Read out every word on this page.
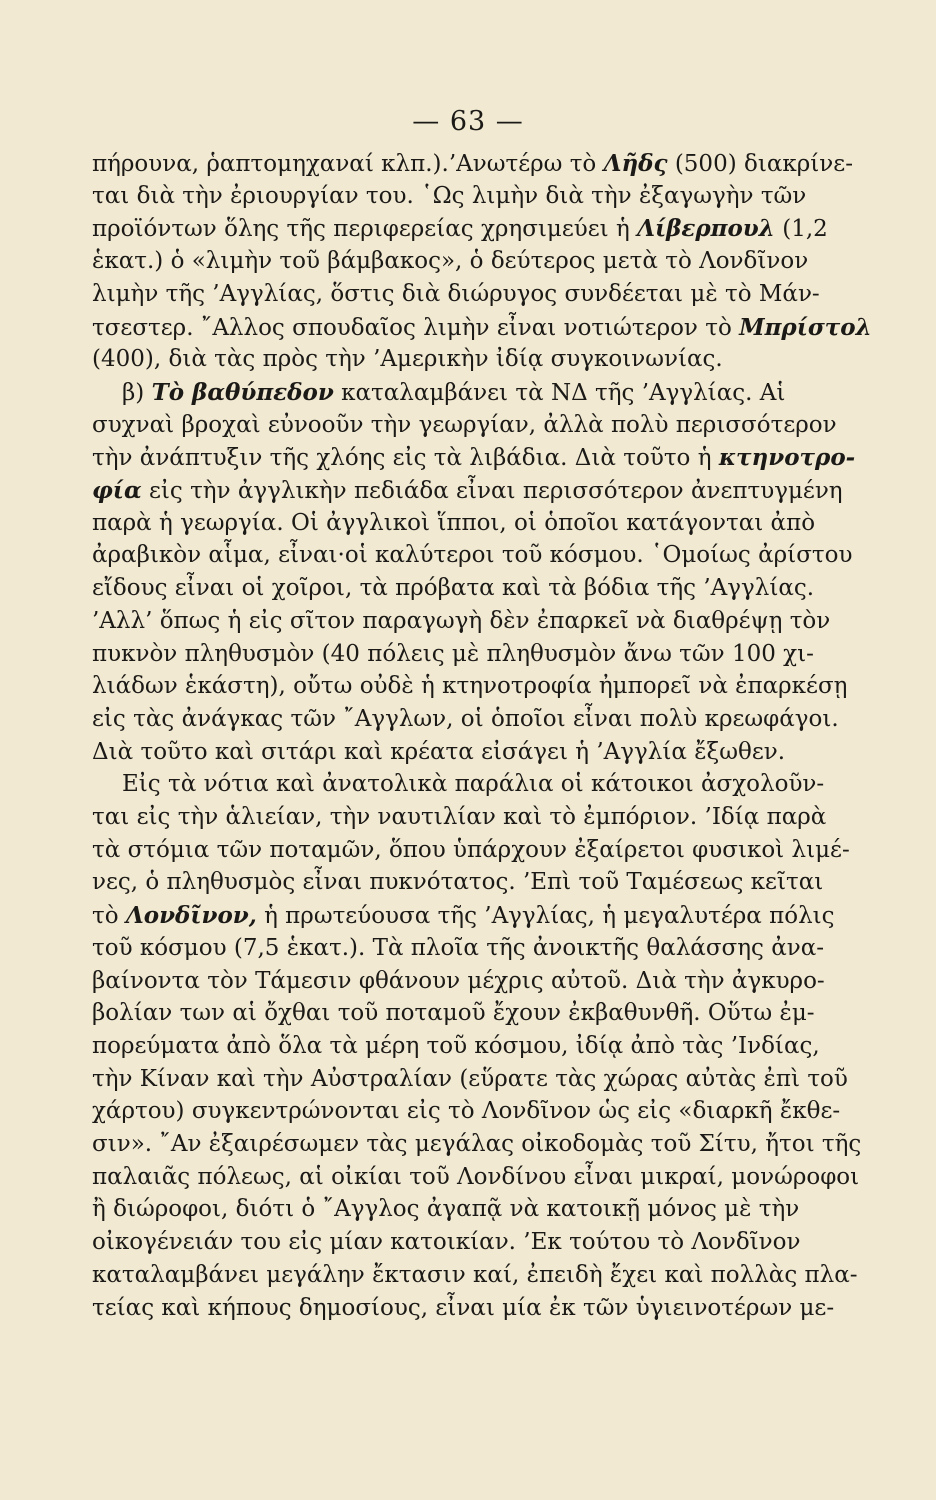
— 63 —
πήρουνα, ῥαπτομηχαναί κλπ.).’Ανωτέρω τὸ Λῆδς (500) διακρίνε-
ται διὰ τὴν ἐριουργίαν του. ῾Ως λιμὴν διὰ τὴν ἐξαγωγὴν τῶν
προϊόντων ὅλης τῆς περιφερείας χρησιμεύει ἡ Λίβερπουλ (1,2
ἑκατ.) ὁ «λιμὴν τοῦ βάμβακος», ὁ δεύτερος μετὰ τὸ Λονδῖνον
λιμὴν τῆς ’Αγγλίας, ὅστις διὰ διώρυγος συνδέεται μὲ τὸ Μάν-
τσεστερ. ῎Αλλος σπουδαῖος λιμὴν εἶναι νοτιώτερον τὸ Μπρίστολ
(400), διὰ τὰς πρὸς τὴν ’Αμερικὴν ἰδίᾳ συγκοινωνίας.
β) Τὸ βαθύπεδον καταλαμβάνει τὰ ΝΔ τῆς ’Αγγλίας. Αἱ
συχναὶ βροχαὶ εὐνοοῦν τὴν γεωργίαν, ἀλλὰ πολὺ περισσότερον
τὴν ἀνάπτυξιν τῆς χλόης εἰς τὰ λιβάδια. Διὰ τοῦτο ἡ κτηνοτρο-
φία εἰς τὴν ἀγγλικὴν πεδιάδα εἶναι περισσότερον ἀνεπτυγμένη
παρὰ ἡ γεωργία. Οἱ ἀγγλικοὶ ἵπποι, οἱ ὁποῖοι κατάγονται ἀπὸ
ἀραβικὸν αἷμα, εἶναι·οἱ καλύτεροι τοῦ κόσμου. ῾Ομοίως ἀρίστου
εἴδους εἶναι οἱ χοῖροι, τὰ πρόβατα καὶ τὰ βόδια τῆς ’Αγγλίας.
’Αλλ’ ὅπως ἡ εἰς σῖτον παραγωγὴ δὲν ἐπαρκεῖ νὰ διαθρέψῃ τὸν
πυκνὸν πληθυσμὸν (40 πόλεις μὲ πληθυσμὸν ἄνω τῶν 100 χι-
λιάδων ἑκάστη), οὔτω οὐδὲ ἡ κτηνοτροφία ἠμπορεῖ νὰ ἐπαρκέσῃ
εἰς τὰς ἀνάγκας τῶν ῎Αγγλων, οἱ ὁποῖοι εἶναι πολὺ κρεωφάγοι.
Διὰ τοῦτο καὶ σιτάρι καὶ κρέατα εἰσάγει ἡ ’Αγγλία ἔξωθεν.
Εἰς τὰ νότια καὶ ἀνατολικὰ παράλια οἱ κάτοικοι ἀσχολοῦν-
ται εἰς τὴν ἁλιείαν, τὴν ναυτιλίαν καὶ τὸ ἐμπόριον. ’Ιδίᾳ παρὰ
τὰ στόμια τῶν ποταμῶν, ὅπου ὑπάρχουν ἐξαίρετοι φυσικοὶ λιμέ-
νες, ὁ πληθυσμὸς εἶναι πυκνότατος. ’Επὶ τοῦ Ταμέσεως κεῖται
τὸ Λονδῖνον, ἡ πρωτεύουσα τῆς ’Αγγλίας, ἡ μεγαλυτέρα πόλις
τοῦ κόσμου (7,5 ἑκατ.). Τὰ πλοῖα τῆς ἀνοικτῆς θαλάσσης ἀνα-
βαίνοντα τὸν Τάμεσιν φθάνουν μέχρις αὐτοῦ. Διὰ τὴν ἀγκυρο-
βολίαν των αἱ ὄχθαι τοῦ ποταμοῦ ἔχουν ἐκβαθυνθῆ. Οὕτω ἐμ-
πορεύματα ἀπὸ ὅλα τὰ μέρη τοῦ κόσμου, ἰδίᾳ ἀπὸ τὰς ’Ινδίας,
τὴν Κίναν καὶ τὴν Αὐστραλίαν (εὕρατε τὰς χώρας αὐτὰς ἐπὶ τοῦ
χάρτου) συγκεντρώνονται εἰς τὸ Λονδῖνον ὡς εἰς «διαρκῆ ἔκθε-
σιν». ῎Αν ἐξαιρέσωμεν τὰς μεγάλας οἰκοδομὰς τοῦ Σίτυ, ἤτοι τῆς
παλαιᾶς πόλεως, αἱ οἰκίαι τοῦ Λονδίνου εἶναι μικραί, μονώροφοι
ἢ διώροφοι, διότι ὁ ῎Αγγλος ἀγαπᾷ νὰ κατοικῇ μόνος μὲ τὴν
οἰκογένειάν του εἰς μίαν κατοικίαν. ’Εκ τούτου τὸ Λονδῖνον
καταλαμβάνει μεγάλην ἔκτασιν καί, ἐπειδὴ ἔχει καὶ πολλὰς πλα-
τείας καὶ κήπους δημοσίους, εἶναι μία ἐκ τῶν ὑγιεινοτέρων με-
